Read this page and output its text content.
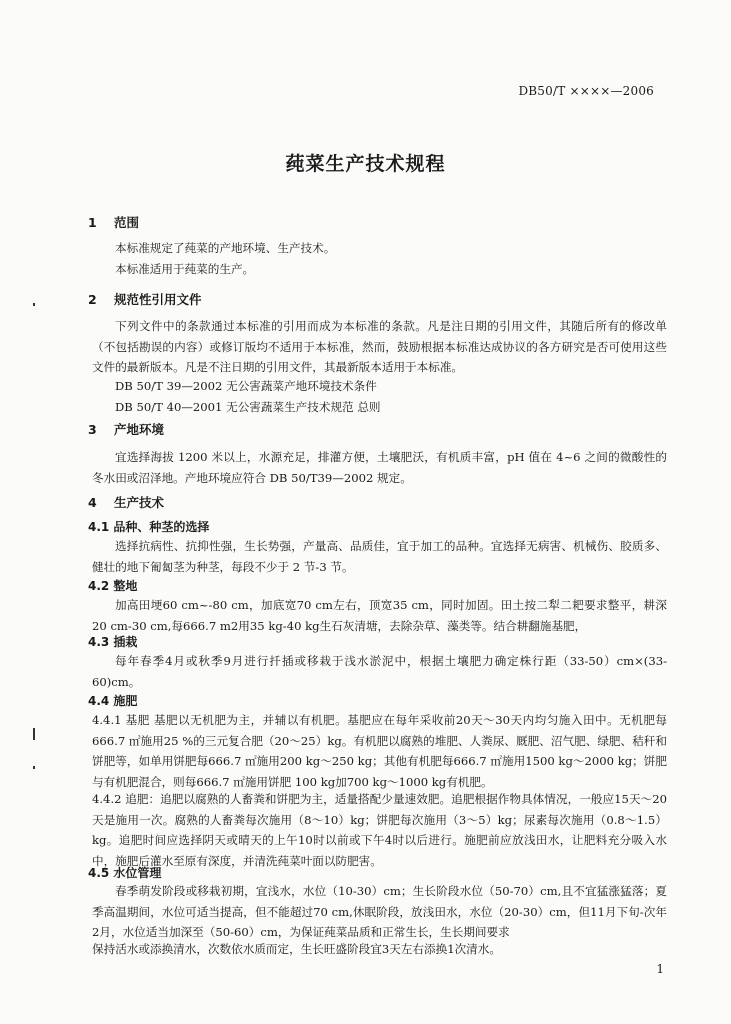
DB50/T ××××—2006
莼菜生产技术规程
1 范围
本标准规定了莼菜的产地环境、生产技术。
本标准适用于莼菜的生产。
2 规范性引用文件
下列文件中的条款通过本标准的引用而成为本标准的条款。凡是注日期的引用文件，其随后所有的修改单（不包括勘误的内容）或修订版均不适用于本标准，然而，鼓励根据本标准达成协议的各方研究是否可使用这些文件的最新版本。凡是不注日期的引用文件，其最新版本适用于本标准。
DB 50/T 39—2002 无公害蔬菜产地环境技术条件
DB 50/T 40—2001 无公害蔬菜生产技术规范 总则
3 产地环境
宜选择海拔 1200 米以上，水源充足，排灌方便，土壤肥沃，有机质丰富，pH 值在 4~6 之间的微酸性的冬水田或沼泽地。产地环境应符合 DB 50/T39—2002 规定。
4 生产技术
4.1 品种、种茎的选择
选择抗病性、抗抑性强，生长势强，产量高、品质佳，宜于加工的品种。宜选择无病害、机械伤、胶质多、健壮的地下匍匐茎为种茎，每段不少于 2 节-3 节。
4.2 整地
加高田埂60 cm~-80 cm，加底宽70 cm左右，顶宽35 cm，同时加固。田土按二犁二耙要求整平，耕深20 cm-30 cm,每666.7 m2用35 kg-40 kg生石灰清塘，去除杂草、藻类等。结合耕翻施基肥，
4.3 插栽
每年春季4月或秋季9月进行扦插或移栽于浅水淤泥中，根据土壤肥力确定株行距（33-50）cm×(33-60)cm。
4.4 施肥
4.4.1 基肥 基肥以无机肥为主，并辅以有机肥。基肥应在每年采收前20天～30天内均匀施入田中。无机肥每666.7 ㎡施用25 %的三元复合肥（20～25）kg。有机肥以腐熟的堆肥、人粪尿、厩肥、沼气肥、绿肥、秸秆和饼肥等，如单用饼肥每666.7 ㎡施用200 kg～250 kg；其他有机肥每666.7 ㎡施用1500 kg～2000 kg；饼肥与有机肥混合，则每666.7 ㎡施用饼肥 100 kg加700 kg～1000 kg有机肥。
4.4.2 追肥：追肥以腐熟的人畜粪和饼肥为主，适量搭配少量速效肥。追肥根据作物具体情况，一般应15天～20天是施用一次。腐熟的人畜粪每次施用（8～10）kg；饼肥每次施用（3～5）kg；尿素每次施用（0.8～1.5）kg。追肥时间应选择阴天或晴天的上午10时以前或下午4时以后进行。施肥前应放浅田水，让肥料充分吸入水中，施肥后灌水至原有深度，并清洗莼菜叶面以防肥害。
4.5 水位管理
春季萌发阶段或移栽初期，宜浅水，水位（10-30）cm；生长阶段水位（50-70）cm,且不宜猛涨猛落；夏季高温期间，水位可适当提高，但不能超过70 cm,休眠阶段，放浅田水，水位（20-30）cm，但11月下旬-次年2月，水位适当加深至（50-60）cm，为保证莼菜品质和正常生长，生长期间要求
保持活水或添换清水，次数依水质而定，生长旺盛阶段宜3天左右添换1次清水。
1
